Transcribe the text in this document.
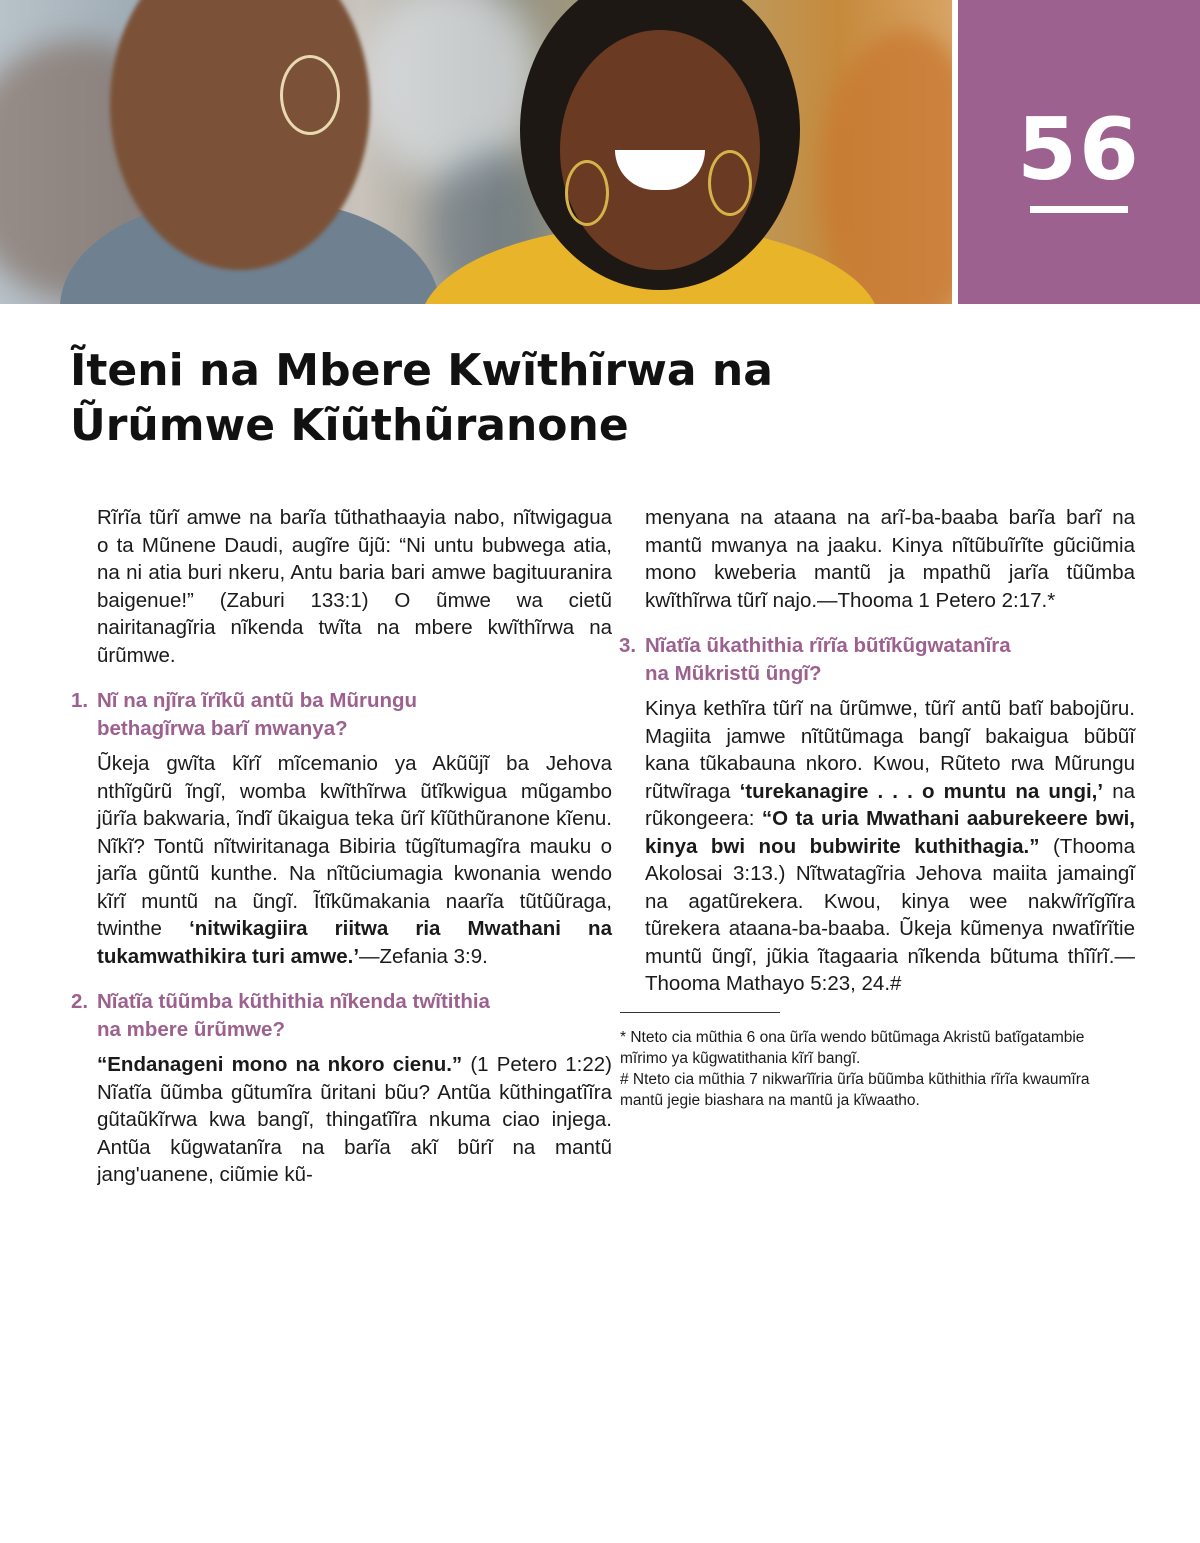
56
Ĩteni na Mbere Kwĩthĩrwa na
Ũrũmwe Kĩũthũranone

Rĩrĩa tũrĩ amwe na barĩa tũthathaayia nabo, nĩtwigagua o ta Mũnene Daudi, augĩre ũjũ: “Ni untu bubwega atia, na ni atia buri nkeru, Antu baria bari amwe bagituuranira baigenue!” (Zaburi 133:1) O ũmwe wa cietũ nairitanagĩria nĩkenda twĩta na mbere kwĩthĩrwa na ũrũmwe.

1. Nĩ na njĩra ĩrĩkũ antũ ba Mũrungu
bethagĩrwa barĩ mwanya?

Ũkeja gwĩta kĩrĩ mĩcemanio ya Akũũjĩ ba Jehova nthĩgũrũ ĩngĩ, womba kwĩthĩrwa ũtĩkwigua mũgambo jũrĩa bakwaria, ĩndĩ ũkaigua teka ũrĩ kĩũthũranone kĩenu. Nĩkĩ? Tontũ nĩtwiritanaga Bibiria tũgĩtumagĩra mauku o jarĩa gũntũ kunthe. Na nĩtũciumagia kwonania wendo kĩrĩ muntũ na ũngĩ. Ĩtĩkũmakania naarĩa tũtũũraga, twinthe ‘nitwikagiira riitwa ria Mwathani na tukamwathikira turi amwe.’—Zefania 3:9.

2. Nĩatĩa tũũmba kũthithia nĩkenda twĩtithia
na mbere ũrũmwe?

“Endanageni mono na nkoro cienu.” (1 Petero 1:22) Nĩatĩa ũũmba gũtumĩra ũritani bũu? Antũa kũthingatĩĩra gũtaũkĩrwa kwa bangĩ, thingatĩĩra nkuma ciao injega. Antũa kũgwatanĩra na barĩa akĩ bũrĩ na mantũ jang'uanene, ciũmie kũ-

menyana na ataana na arĩ-ba-baaba barĩa barĩ na mantũ mwanya na jaaku. Kinya nĩtũbuĩrĩte gũciũmia mono kweberia mantũ ja mpathũ jarĩa tũũmba kwĩthĩrwa tũrĩ najo.—Thooma 1 Petero 2:17.*

3. Nĩatĩa ũkathithia rĩrĩa bũtĩkũgwatanĩra
na Mũkristũ ũngĩ?

Kinya kethĩra tũrĩ na ũrũmwe, tũrĩ antũ batĩ babojũru. Magiita jamwe nĩtũtũmaga bangĩ bakaigua bũbũĩ kana tũkabauna nkoro. Kwou, Rũteto rwa Mũrungu rũtwĩraga ‘turekanagire . . . o muntu na ungi,’ na rũkongeera: “O ta uria Mwathani aaburekeere bwi, kinya bwi nou bubwirite kuthithagia.” (Thooma Akolosai 3:13.) Nĩtwatagĩria Jehova maiita jamaingĩ na agatũrekera. Kwou, kinya wee nakwĩrĩgĩĩra tũrekera ataana-ba-baaba. Ũkeja kũmenya nwatĩrĩtie muntũ ũngĩ, jũkia ĩtagaaria nĩkenda bũtuma thĩĩrĩ.—Thooma Mathayo 5:23, 24.#

* Nteto cia mũthia 6 ona ũrĩa wendo bũtũmaga Akristũ batĩgatambie mĩrimo ya kũgwatithania kĩrĩ bangĩ.

# Nteto cia mũthia 7 nikwarĩĩria ũrĩa bũũmba kũthithia rĩrĩa kwaumĩra mantũ jegie biashara na mantũ ja kĩwaatho.
